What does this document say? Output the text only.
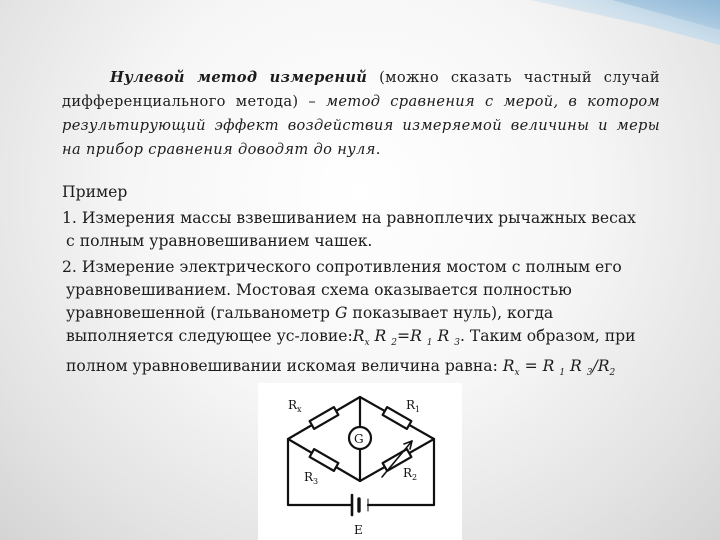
Нулевой метод измерений (можно сказать частный случай дифференциального метода) – метод сравнения с мерой, в котором результирующий эффект воздействия измеряемой величины и меры на прибор сравнения доводят до нуля.

Пример
1. Измерения массы взвешиванием на равноплечих рычажных весах
с полным уравновешиванием чашек.
2. Измерение электрического сопротивления мостом с полным его
уравновешиванием. Мостовая схема оказывается полностью
уравновешенной (гальванометр G показывает нуль), когда
выполняется следующее $ус-ловие:R_x$ R $_2$=R $_1$ R $_3$. Таким образом, при
полном уравновешивании искомая величина равна: $R_x = R$ $_1$ R $_3/R_2$
$R_x$	$R_1$
$R_3$
$R_2$
G
E
